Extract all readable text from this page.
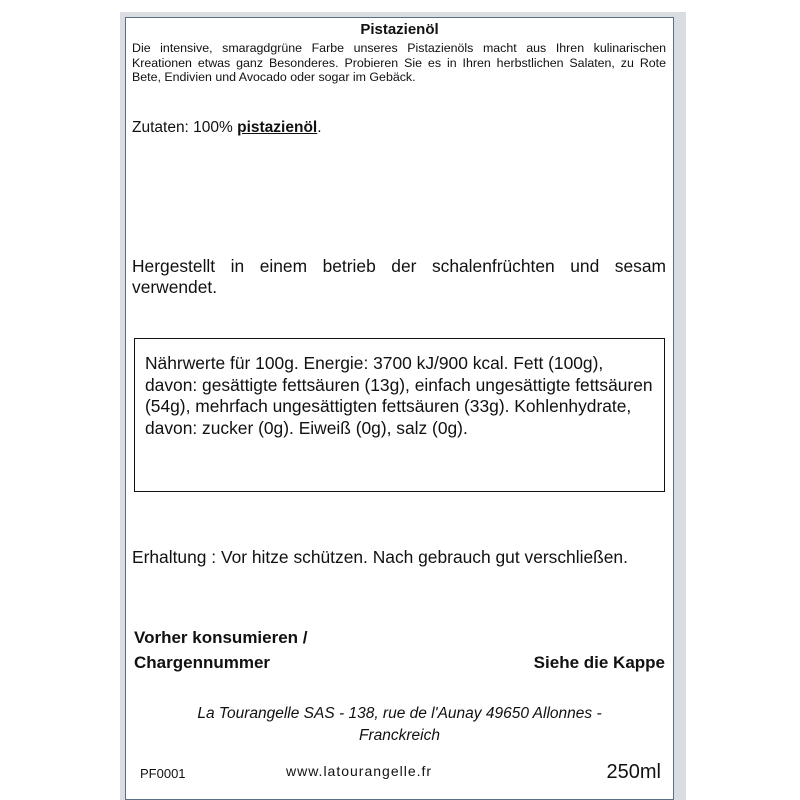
Pistazienöl
Die intensive, smaragdgrüne Farbe unseres Pistazienöls macht aus Ihren kulinarischen Kreationen etwas ganz Besonderes. Probieren Sie es in Ihren herbstlichen Salaten, zu Rote Bete, Endivien und Avocado oder sogar im Gebäck.
Zutaten: 100% pistazienöl.
Hergestellt in einem betrieb der schalenfrüchten und sesam verwendet.
Nährwerte für 100g. Energie: 3700 kJ/900 kcal. Fett (100g), davon: gesättigte fettsäuren (13g), einfach ungesättigte fettsäuren (54g), mehrfach ungesättigten fettsäuren (33g). Kohlenhydrate, davon: zucker (0g). Eiweiß (0g), salz (0g).
Erhaltung : Vor hitze schützen. Nach gebrauch gut verschließen.
Vorher konsumieren /
Chargennummer	Siehe die Kappe
La Tourangelle SAS - 138, rue de l'Aunay 49650 Allonnes -
Franckreich
PF0001	www.latourangelle.fr	250ml
